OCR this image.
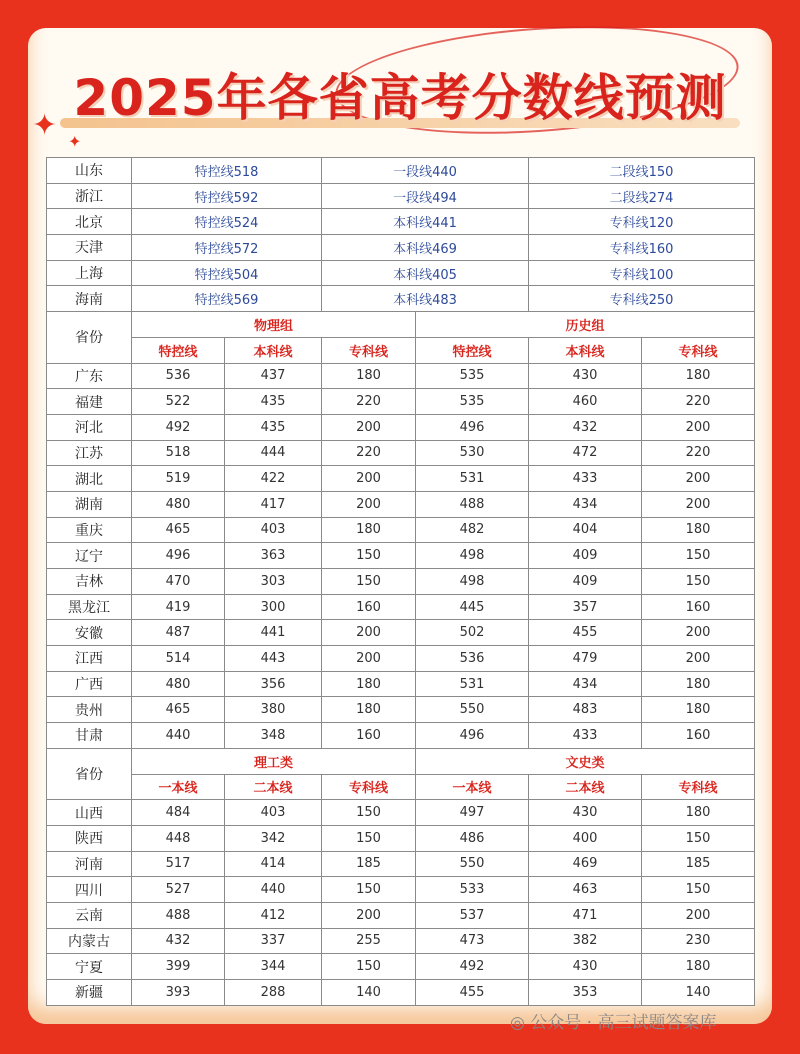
✦ ✦
2025年各省高考分数线预测
山东	特控线518		一段线440		二段线150	
浙江	特控线592		一段线494		二段线274	
北京	特控线524		本科线441		专科线120	
天津	特控线572		本科线469		专科线160	
上海	特控线504		本科线405		专科线100	
海南	特控线569		本科线483		专科线250	
省份	物理组			历史组		
	特控线	本科线	专科线	特控线	本科线	专科线
广东	536	437	180	535	430	180
福建	522	435	220	535	460	220
河北	492	435	200	496	432	200
江苏	518	444	220	530	472	220
湖北	519	422	200	531	433	200
湖南	480	417	200	488	434	200
重庆	465	403	180	482	404	180
辽宁	496	363	150	498	409	150
吉林	470	303	150	498	409	150
黑龙江	419	300	160	445	357	160
安徽	487	441	200	502	455	200
江西	514	443	200	536	479	200
广西	480	356	180	531	434	180
贵州	465	380	180	550	483	180
甘肃	440	348	160	496	433	160
省份	理工类			文史类		
	一本线	二本线	专科线	一本线	二本线	专科线
山西	484	403	150	497	430	180
陕西	448	342	150	486	400	150
河南	517	414	185	550	469	185
四川	527	440	150	533	463	150
云南	488	412	200	537	471	200
内蒙古	432	337	255	473	382	230
宁夏	399	344	150	492	430	180
新疆	393	288	140	455	353	140
◎ 公众号 · 高三试题答案库
